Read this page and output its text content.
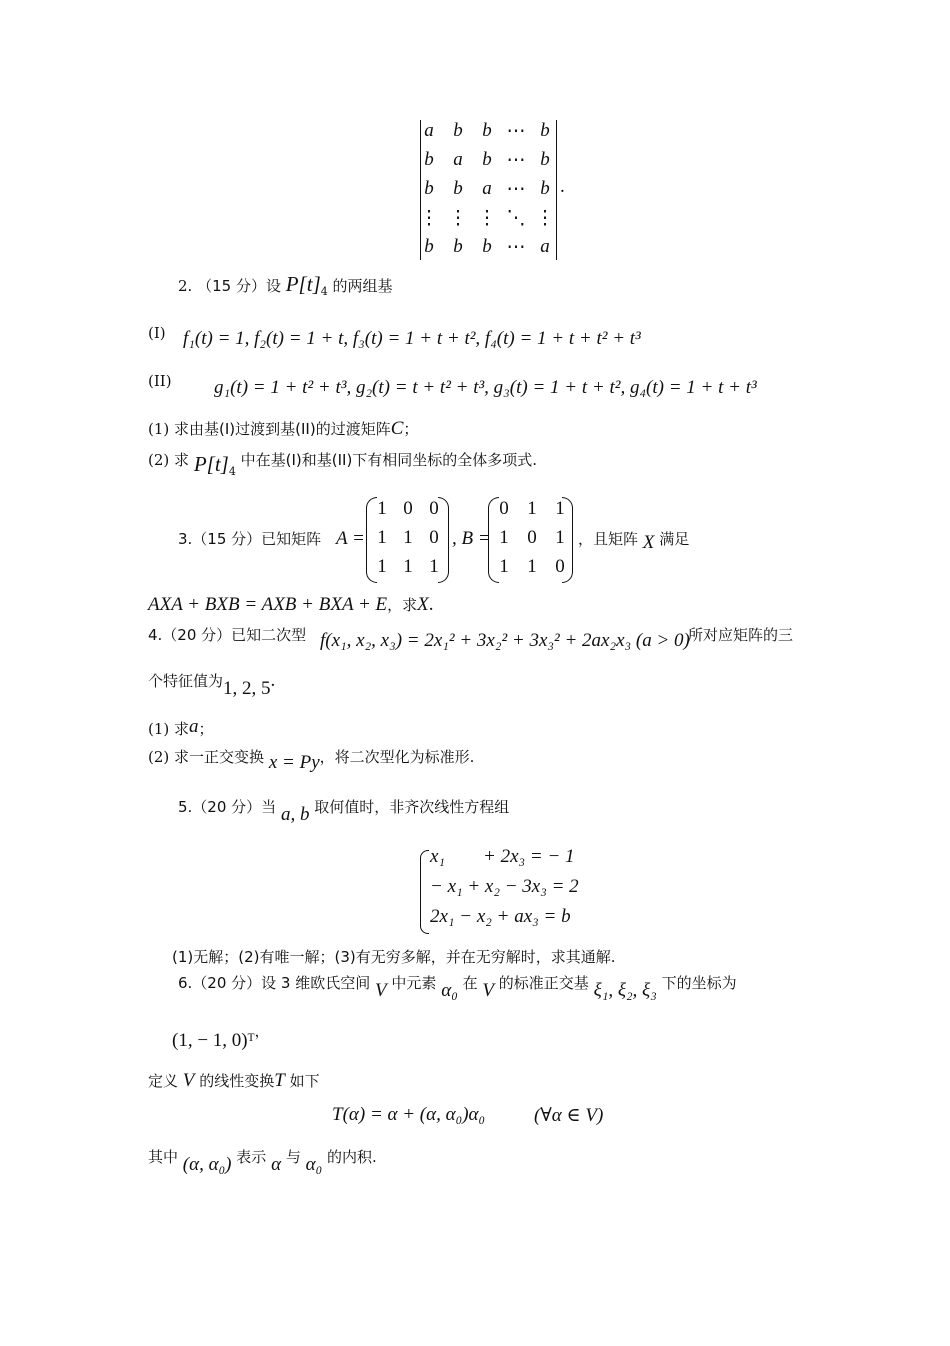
a	b	b ⋯ b
b	a	b ⋯ b
b	b	a ⋯ b
⋮ ⋮ ⋮ ⋱ ⋮
b	b	b ⋯ a
.
2. （15 分）设 $P[t]_4$ 的两组基
(I) f₁(t) = 1, f₂(t) = 1 + t, f₃(t) = 1 + t + t², f₄(t) = 1 + t + t² + t³
(II) g₁(t) = 1 + t² + t³, g₂(t) = t + t² + t³, g₃(t) = 1 + t + t², g₄(t) = 1 + t + t³
(1) 求由基(I)过渡到基(II)的过渡矩阵C；
(2) 求 $P[t]_4$ 中在基(I)和基(II)下有相同坐标的全体多项式.
3.（15 分）已知矩阵 A =
1 0 0
1 1 0
1 1 1
, B =
0 1 1
1 0 1
1 1 0
，且矩阵 X 满足
AXA + BXB = AXB + BXA + E，求X.
4.（20 分）已知二次型 f(x₁, x₂, x₃) = 2x₁² + 3x₂² + 3x₃² + 2ax₂x₃ (a > 0)
所对应矩阵的三
个特征值为1, 2, 5.
(1) 求a；
(2) 求一正交变换 x = Py，将二次型化为标准形.
5.（20 分）当 a, b 取何值时，非齐次线性方程组
x₁        + 2x₃ = − 1
− x₁ + x₂ − 3x₃ = 2
2x₁ − x₂ + ax₃ = b
(1)无解；(2)有唯一解；(3)有无穷多解，并在无穷解时，求其通解.
6.（20 分）设 3 维欧氏空间 V 中元素 α₀ 在 V 的标准正交基 ξ₁, ξ₂, ξ₃ 下的坐标为
(1, − 1, 0)ᵀ，
定义 V 的线性变换T 如下
T(α) = α + (α, α₀)α₀	(∀α ∈ V)
其中 (α, α₀) 表示 α 与 α₀ 的内积.
